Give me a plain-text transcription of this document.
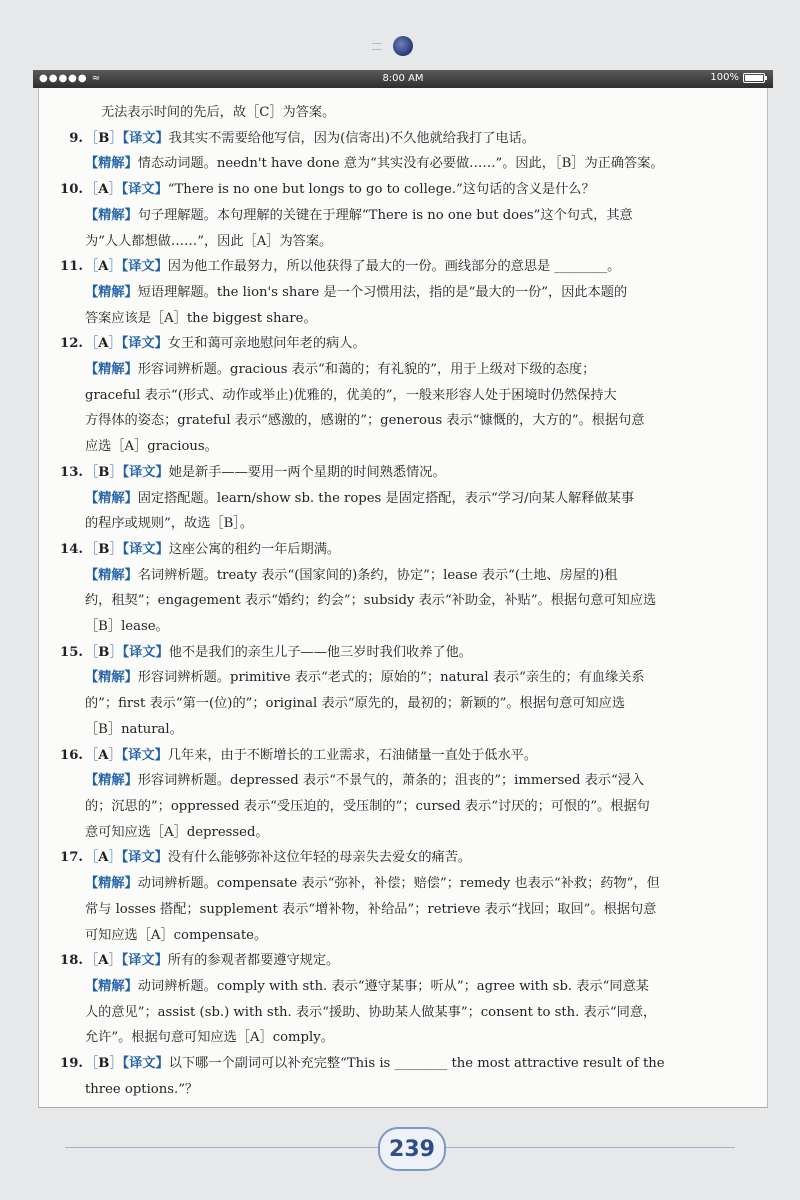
●●●●● ≈	8:00 AM	100%
无法表示时间的先后，故［C］为答案。
9. ［B］【译文】我其实不需要给他写信，因为(信寄出)不久他就给我打了电话。
【精解】情态动词题。needn't have done 意为“其实没有必要做……”。因此，［B］为正确答案。
10. ［A］【译文】“There is no one but longs to go to college.”这句话的含义是什么？
【精解】句子理解题。本句理解的关键在于理解“There is no one but does”这个句式，其意
为“人人都想做……”，因此［A］为答案。
11. ［A］【译文】因为他工作最努力，所以他获得了最大的一份。画线部分的意思是 ________。
【精解】短语理解题。the lion's share 是一个习惯用法，指的是“最大的一份”，因此本题的
答案应该是［A］the biggest share。
12. ［A］【译文】女王和蔼可亲地慰问年老的病人。
【精解】形容词辨析题。gracious 表示“和蔼的；有礼貌的”，用于上级对下级的态度；
graceful 表示“(形式、动作或举止)优雅的，优美的”，一般来形容人处于困境时仍然保持大
方得体的姿态；grateful 表示“感激的，感谢的”；generous 表示“慷慨的，大方的”。根据句意
应选［A］gracious。
13. ［B］【译文】她是新手——要用一两个星期的时间熟悉情况。
【精解】固定搭配题。learn/show sb. the ropes 是固定搭配，表示“学习/向某人解释做某事
的程序或规则”，故选［B］。
14. ［B］【译文】这座公寓的租约一年后期满。
【精解】名词辨析题。treaty 表示“(国家间的)条约，协定”；lease 表示“(土地、房屋的)租
约，租契”；engagement 表示“婚约；约会”；subsidy 表示“补助金，补贴”。根据句意可知应选
［B］lease。
15. ［B］【译文】他不是我们的亲生儿子——他三岁时我们收养了他。
【精解】形容词辨析题。primitive 表示“老式的；原始的”；natural 表示“亲生的；有血缘关系
的”；first 表示“第一(位)的”；original 表示“原先的，最初的；新颖的”。根据句意可知应选
［B］natural。
16. ［A］【译文】几年来，由于不断增长的工业需求，石油储量一直处于低水平。
【精解】形容词辨析题。depressed 表示“不景气的，萧条的；沮丧的”；immersed 表示“浸入
的；沉思的”；oppressed 表示“受压迫的，受压制的”；cursed 表示“讨厌的；可恨的”。根据句
意可知应选［A］depressed。
17. ［A］【译文】没有什么能够弥补这位年轻的母亲失去爱女的痛苦。
【精解】动词辨析题。compensate 表示“弥补，补偿；赔偿”；remedy 也表示“补救；药物”，但
常与 losses 搭配；supplement 表示“增补物，补给品”；retrieve 表示“找回；取回”。根据句意
可知应选［A］compensate。
18. ［A］【译文】所有的参观者都要遵守规定。
【精解】动词辨析题。comply with sth. 表示“遵守某事；听从”；agree with sb. 表示“同意某
人的意见”；assist (sb.) with sth. 表示“援助、协助某人做某事”；consent to sth. 表示“同意，
允许”。根据句意可知应选［A］comply。
19. ［B］【译文】以下哪一个副词可以补充完整“This is ________ the most attractive result of the
three options.”？
239
